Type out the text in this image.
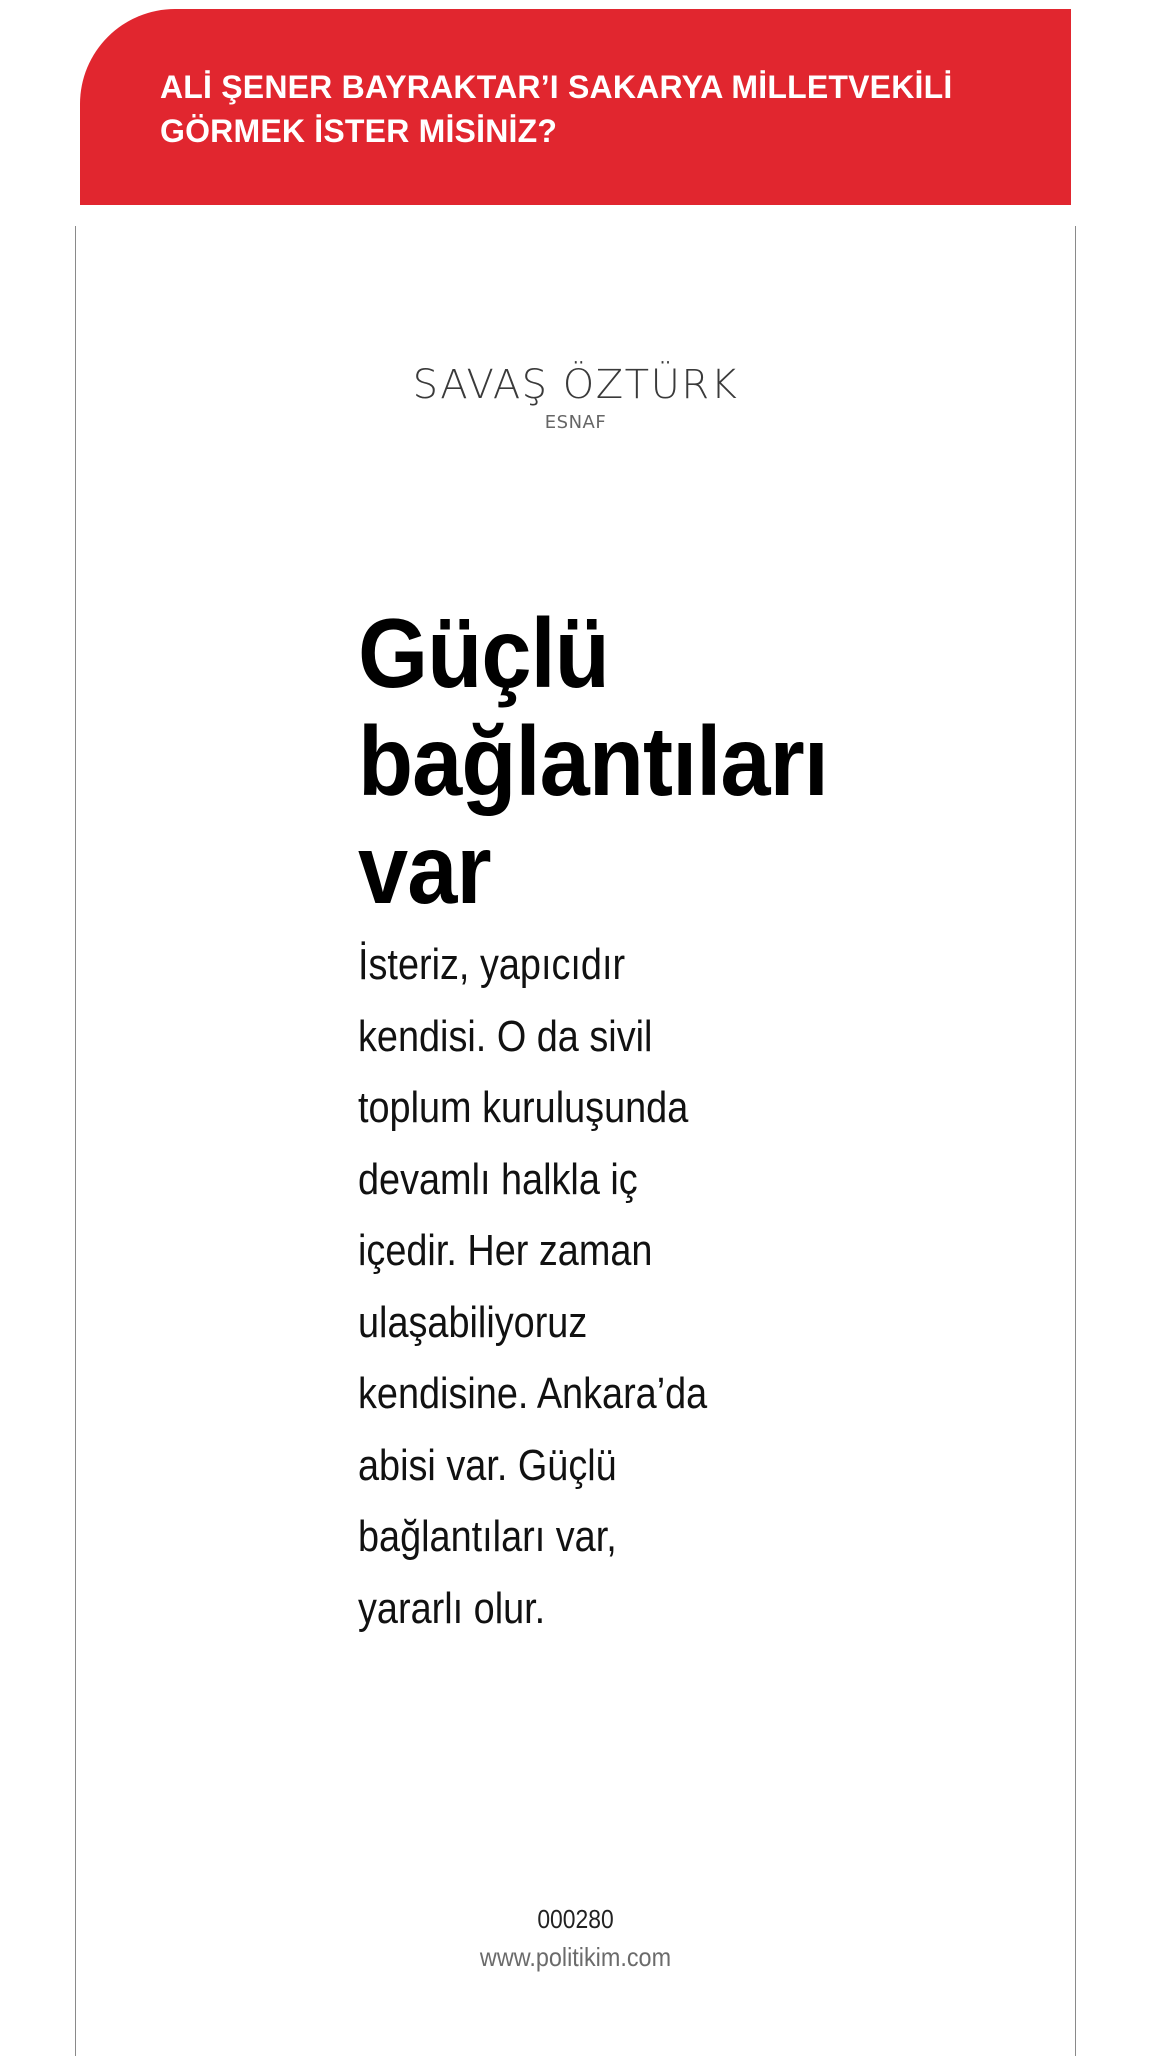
ALİ ŞENER BAYRAKTAR’I SAKARYA MİLLETVEKİLİ GÖRMEK İSTER MİSİNİZ?

SAVAŞ ÖZTÜRK
ESNAF
Güçlü
bağlantıları
var
İsteriz, yapıcıdır
kendisi. O da sivil
toplum kuruluşunda
devamlı halkla iç
içedir. Her zaman
ulaşabiliyoruz
kendisine. Ankara’da
abisi var. Güçlü
bağlantıları var,
yararlı olur.
000280
www.politikim.com
